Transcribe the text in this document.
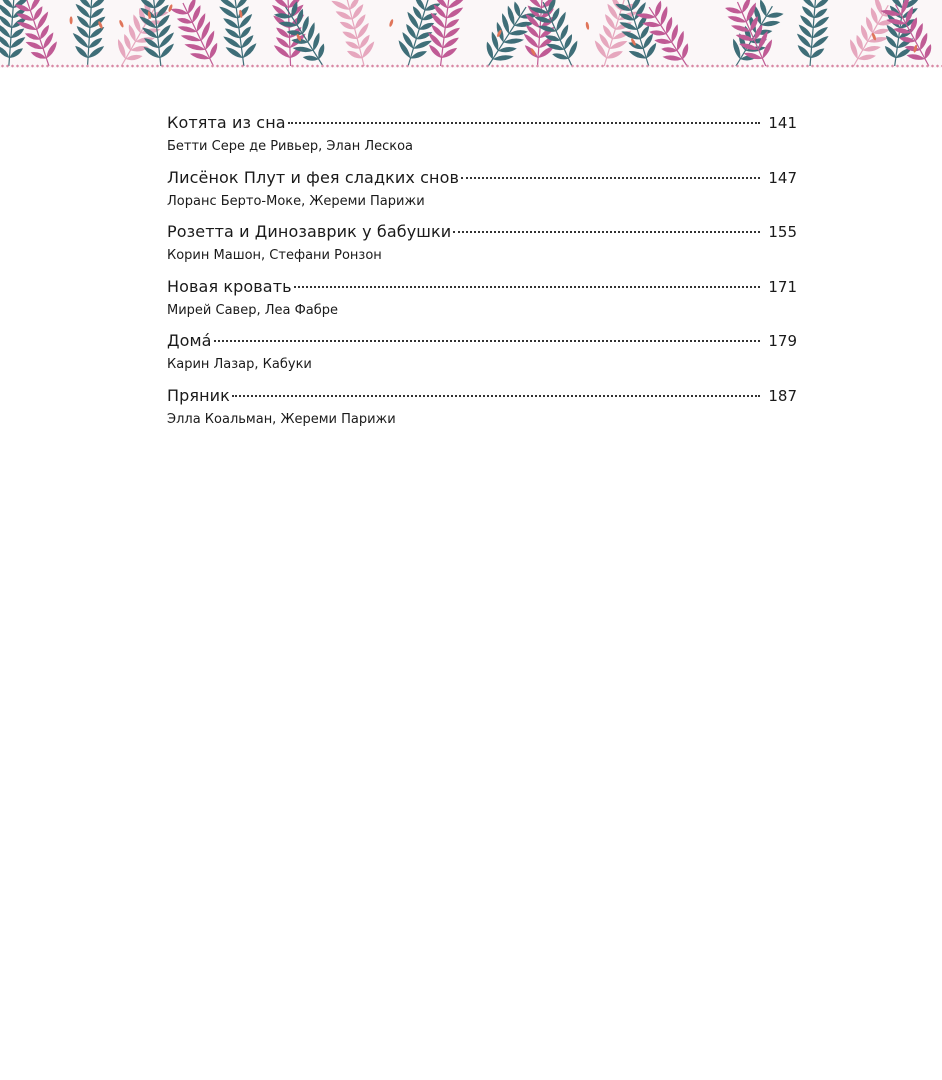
Котята из сна	141
Бетти Сере де Ривьер, Элан Лескоа
Лисёнок Плут и фея сладких снов	147
Лоранс Берто-Моке, Жереми Парижи
Розетта и Динозаврик у бабушки	155
Корин Машон, Стефани Ронзон
Новая кровать	171
Мирей Савер, Леа Фабре
Дома́	179
Карин Лазар, Кабуки
Пряник	187
Элла Коальман, Жереми Парижи
